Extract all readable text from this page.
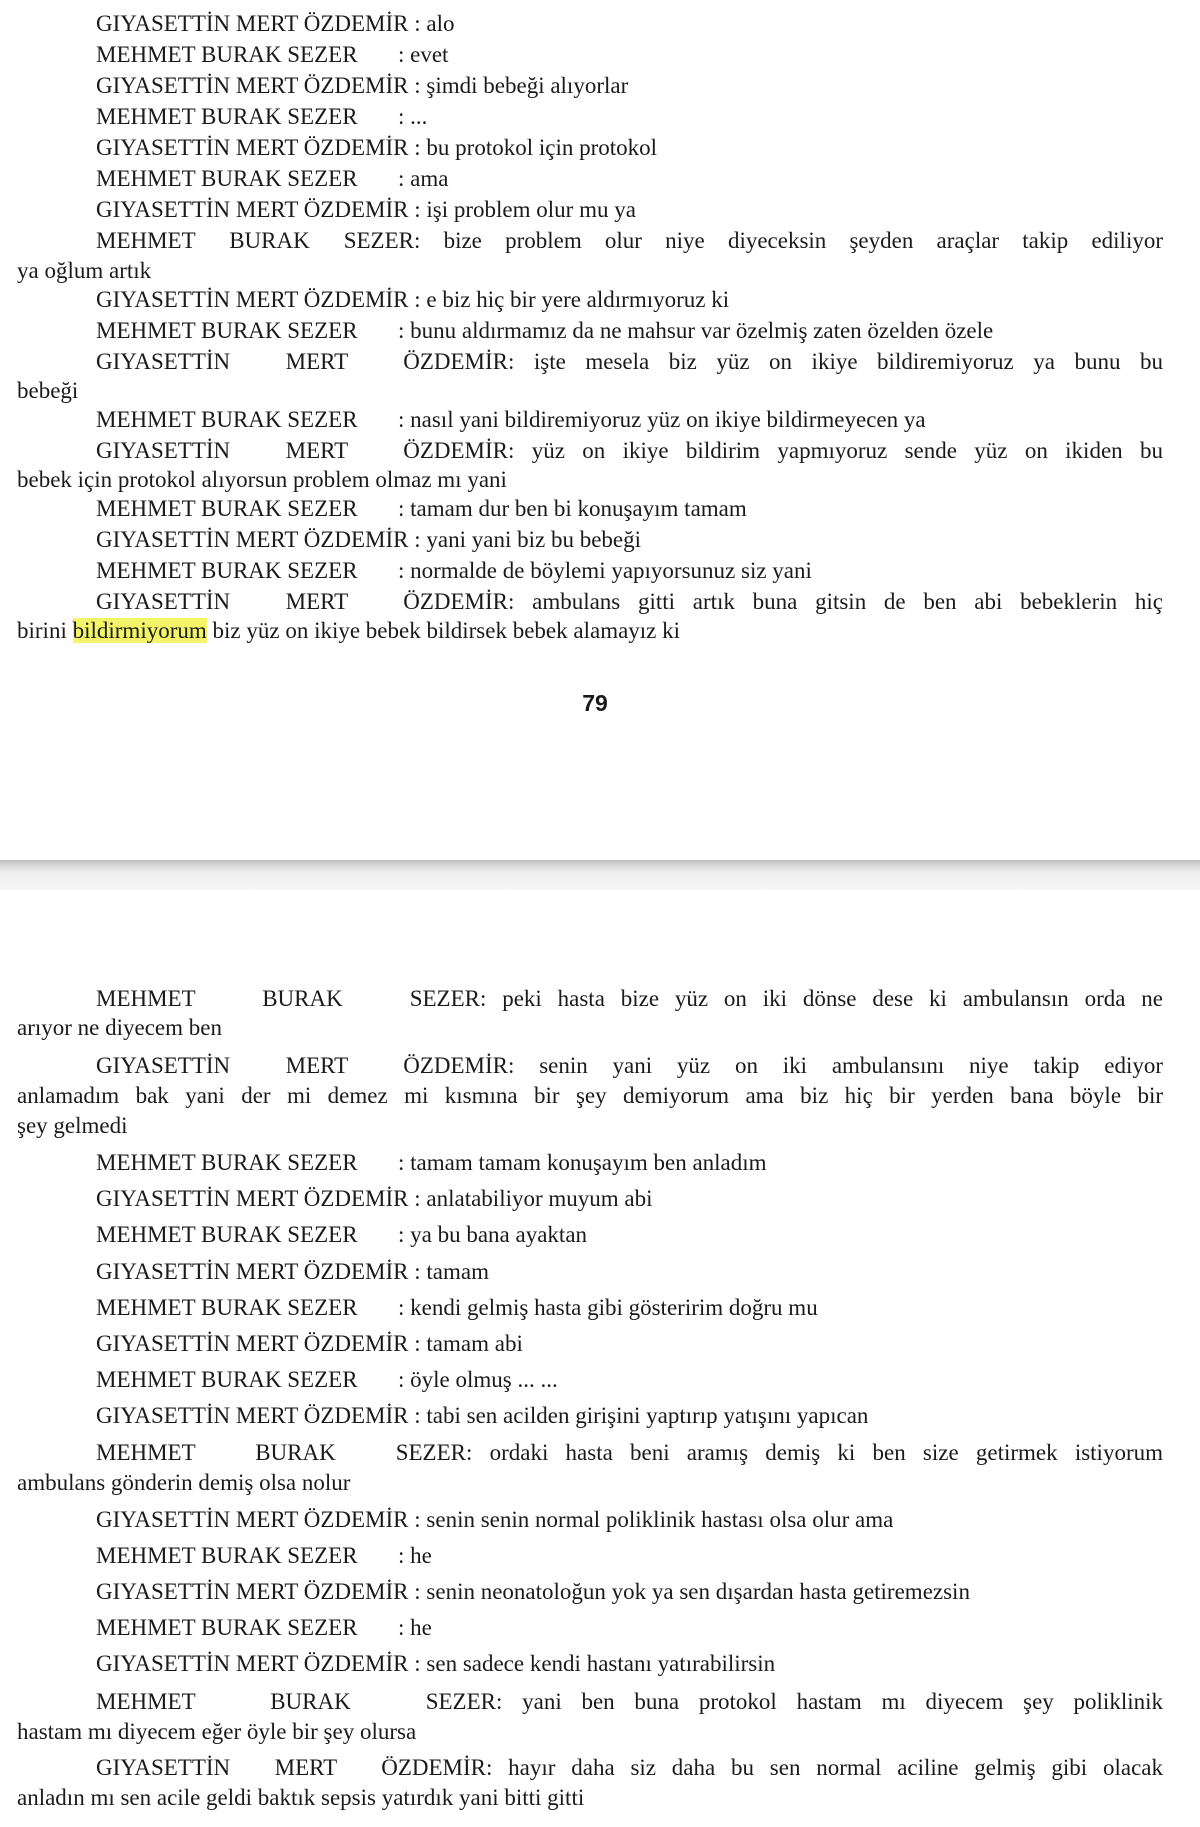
GIYASETTİN MERT ÖZDEMİR : alo
MEHMET BURAK SEZER : evet
GIYASETTİN MERT ÖZDEMİR : şimdi bebeği alıyorlar
MEHMET BURAK SEZER : ...
GIYASETTİN MERT ÖZDEMİR : bu protokol için protokol
MEHMET BURAK SEZER : ama
GIYASETTİN MERT ÖZDEMİR : işi problem olur mu ya
MEHMET BURAK SEZER: bize problem olur niye diyeceksin şeyden araçlar takip ediliyor
ya oğlum artık
GIYASETTİN MERT ÖZDEMİR : e biz hiç bir yere aldırmıyoruz ki
MEHMET BURAK SEZER : bunu aldırmamız da ne mahsur var özelmiş zaten özelden özele
GIYASETTİN MERT ÖZDEMİR: işte mesela biz yüz on ikiye bildiremiyoruz ya bunu bu
bebeği
MEHMET BURAK SEZER : nasıl yani bildiremiyoruz yüz on ikiye bildirmeyecen ya
GIYASETTİN MERT ÖZDEMİR: yüz on ikiye bildirim yapmıyoruz sende yüz on ikiden bu
bebek için protokol alıyorsun problem olmaz mı yani
MEHMET BURAK SEZER : tamam dur ben bi konuşayım tamam
GIYASETTİN MERT ÖZDEMİR : yani yani biz bu bebeği
MEHMET BURAK SEZER : normalde de böylemi yapıyorsunuz siz yani
GIYASETTİN MERT ÖZDEMİR: ambulans gitti artık buna gitsin de ben abi bebeklerin hiç
birini bildirmiyorum biz yüz on ikiye bebek bildirsek bebek alamayız ki
79
MEHMET BURAK SEZER: peki hasta bize yüz on iki dönse dese ki ambulansın orda ne
arıyor ne diyecem ben
GIYASETTİN MERT ÖZDEMİR: senin yani yüz on iki ambulansını niye takip ediyor
anlamadım bak yani der mi demez mi kısmına bir şey demiyorum ama biz hiç bir yerden bana böyle bir
şey gelmedi
MEHMET BURAK SEZER : tamam tamam konuşayım ben anladım
GIYASETTİN MERT ÖZDEMİR : anlatabiliyor muyum abi
MEHMET BURAK SEZER : ya bu bana ayaktan
GIYASETTİN MERT ÖZDEMİR : tamam
MEHMET BURAK SEZER : kendi gelmiş hasta gibi gösteririm doğru mu
GIYASETTİN MERT ÖZDEMİR : tamam abi
MEHMET BURAK SEZER : öyle olmuş ... ...
GIYASETTİN MERT ÖZDEMİR : tabi sen acilden girişini yaptırıp yatışını yapıcan
MEHMET BURAK SEZER: ordaki hasta beni aramış demiş ki ben size getirmek istiyorum
ambulans gönderin demiş olsa nolur
GIYASETTİN MERT ÖZDEMİR : senin senin normal poliklinik hastası olsa olur ama
MEHMET BURAK SEZER : he
GIYASETTİN MERT ÖZDEMİR : senin neonatoloğun yok ya sen dışardan hasta getiremezsin
MEHMET BURAK SEZER : he
GIYASETTİN MERT ÖZDEMİR : sen sadece kendi hastanı yatırabilirsin
MEHMET BURAK SEZER: yani ben buna protokol hastam mı diyecem şey poliklinik
hastam mı diyecem eğer öyle bir şey olursa
GIYASETTİN MERT ÖZDEMİR: hayır daha siz daha bu sen normal aciline gelmiş gibi olacak
anladın mı sen acile geldi baktık sepsis yatırdık yani bitti gitti
